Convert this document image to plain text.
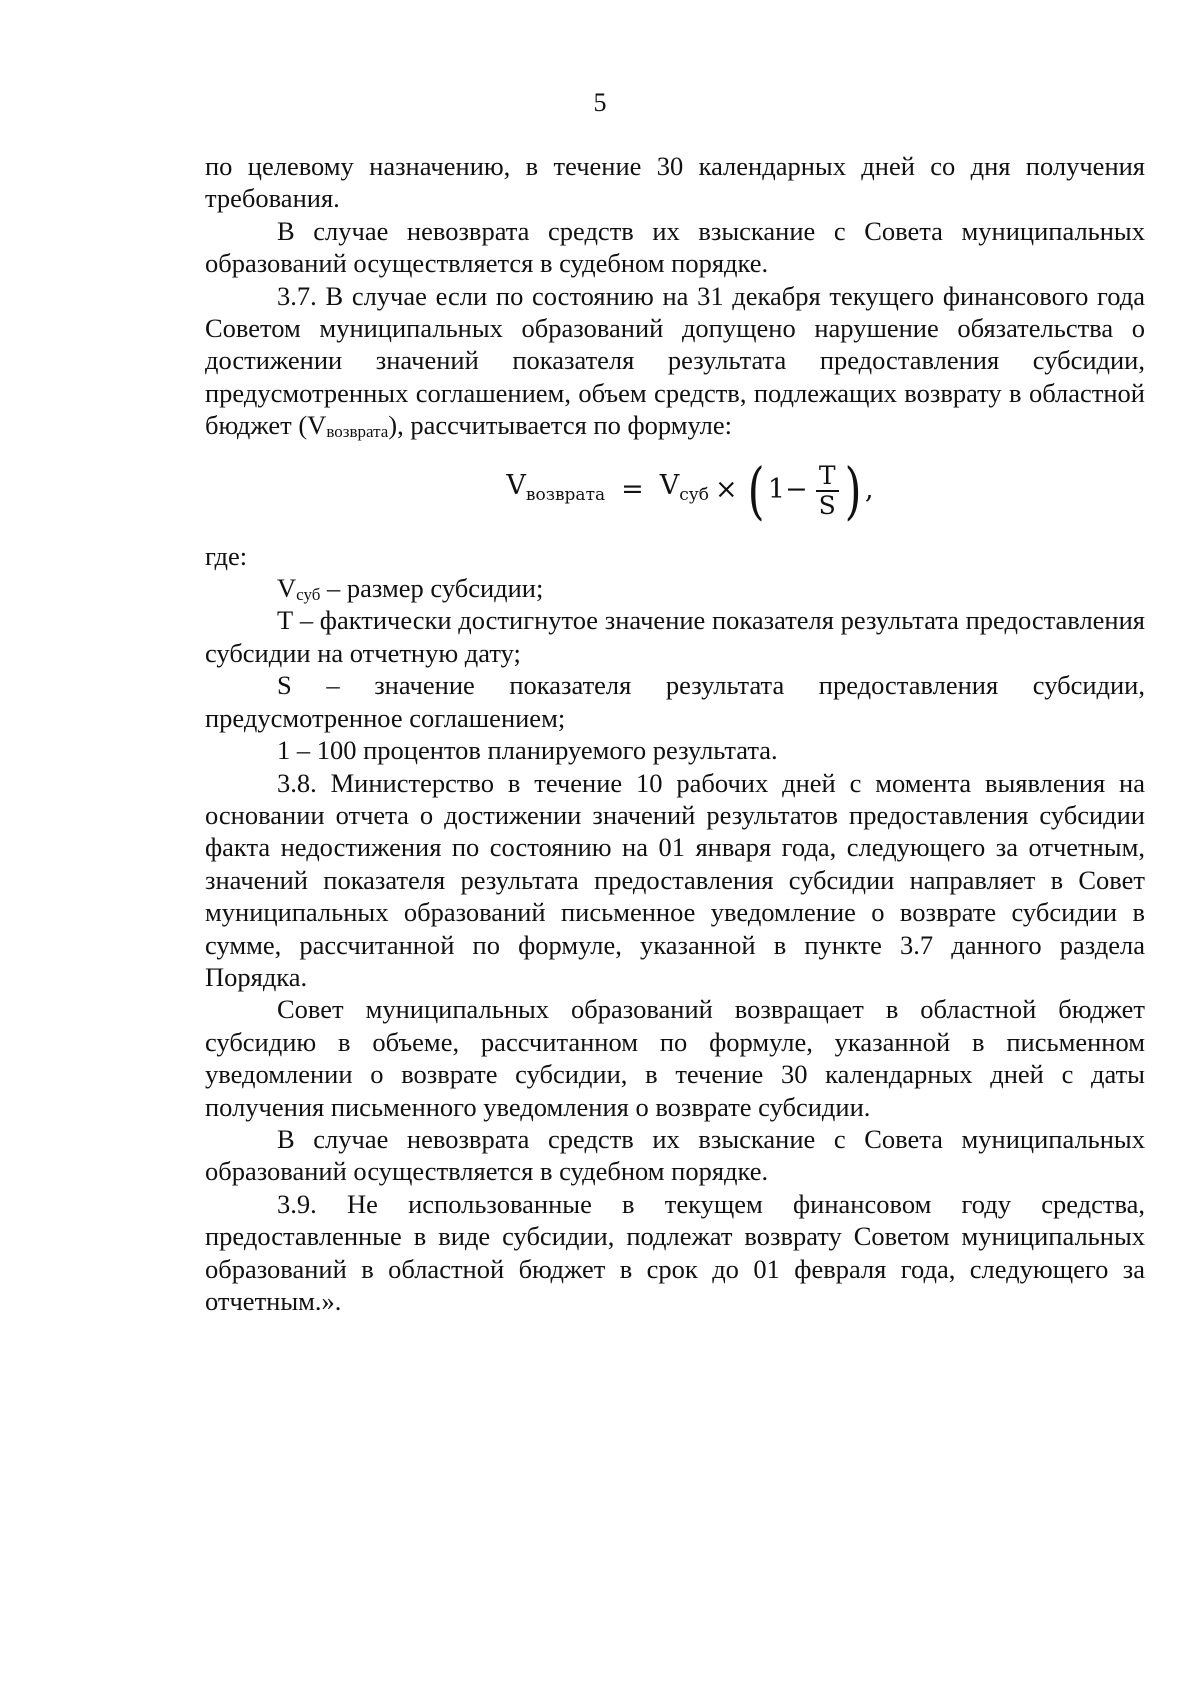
5

по целевому назначению, в течение 30 календарных дней со дня получения требования.

В случае невозврата средств их взыскание с Совета муниципальных образований осуществляется в судебном порядке.

3.7. В случае если по состоянию на 31 декабря текущего финансового года Советом муниципальных образований допущено нарушение обязательства о достижении значений показателя результата предоставления субсидии, предусмотренных соглашением, объем средств, подлежащих возврату в областной бюджет (Vвозврата), рассчитывается по формуле:

$V_{возврата} = V_{суб}$ × ( $1- \frac{T}{S}$ ) ,

где:

Vсуб – размер субсидии;

Т – фактически достигнутое значение показателя результата предоставления субсидии на отчетную дату;

S – значение показателя результата предоставления субсидии, предусмотренное соглашением;

1 – 100 процентов планируемого результата.

3.8. Министерство в течение 10 рабочих дней с момента выявления на основании отчета о достижении значений результатов предоставления субсидии факта недостижения по состоянию на 01 января года, следующего за отчетным, значений показателя результата предоставления субсидии направляет в Совет муниципальных образований письменное уведомление о возврате субсидии в сумме, рассчитанной по формуле, указанной в пункте 3.7 данного раздела Порядка.

Совет муниципальных образований возвращает в областной бюджет субсидию в объеме, рассчитанном по формуле, указанной в письменном уведомлении о возврате субсидии, в течение 30 календарных дней с даты получения письменного уведомления о возврате субсидии.

В случае невозврата средств их взыскание с Совета муниципальных образований осуществляется в судебном порядке.

3.9. Не использованные в текущем финансовом году средства, предоставленные в виде субсидии, подлежат возврату Советом муниципальных образований в областной бюджет в срок до 01 февраля года, следующего за отчетным.».
